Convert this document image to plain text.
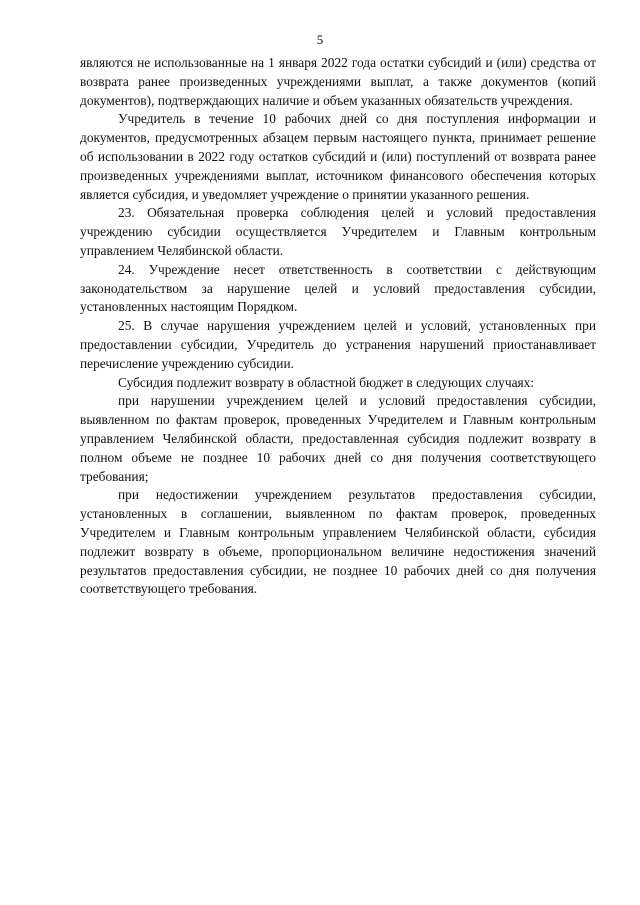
5

являются не использованные на 1 января 2022 года остатки субсидий и (или) средства от возврата ранее произведенных учреждениями выплат, а также документов (копий документов), подтверждающих наличие и объем указанных обязательств учреждения.

Учредитель в течение 10 рабочих дней со дня поступления информации и документов, предусмотренных абзацем первым настоящего пункта, принимает решение об использовании в 2022 году остатков субсидий и (или) поступлений от возврата ранее произведенных учреждениями выплат, источником финансового обеспечения которых является субсидия, и уведомляет учреждение о принятии указанного решения.

23. Обязательная проверка соблюдения целей и условий предоставления учреждению субсидии осуществляется Учредителем и Главным контрольным управлением Челябинской области.

24. Учреждение несет ответственность в соответствии с действующим законодательством за нарушение целей и условий предоставления субсидии, установленных настоящим Порядком.

25. В случае нарушения учреждением целей и условий, установленных при предоставлении субсидии, Учредитель до устранения нарушений приостанавливает перечисление учреждению субсидии.

Субсидия подлежит возврату в областной бюджет в следующих случаях:

при нарушении учреждением целей и условий предоставления субсидии, выявленном по фактам проверок, проведенных Учредителем и Главным контрольным управлением Челябинской области, предоставленная субсидия подлежит возврату в полном объеме не позднее 10 рабочих дней со дня получения соответствующего требования;

при недостижении учреждением результатов предоставления субсидии, установленных в соглашении, выявленном по фактам проверок, проведенных Учредителем и Главным контрольным управлением Челябинской области, субсидия подлежит возврату в объеме, пропорциональном величине недостижения значений результатов предоставления субсидии, не позднее 10 рабочих дней со дня получения соответствующего требования.
